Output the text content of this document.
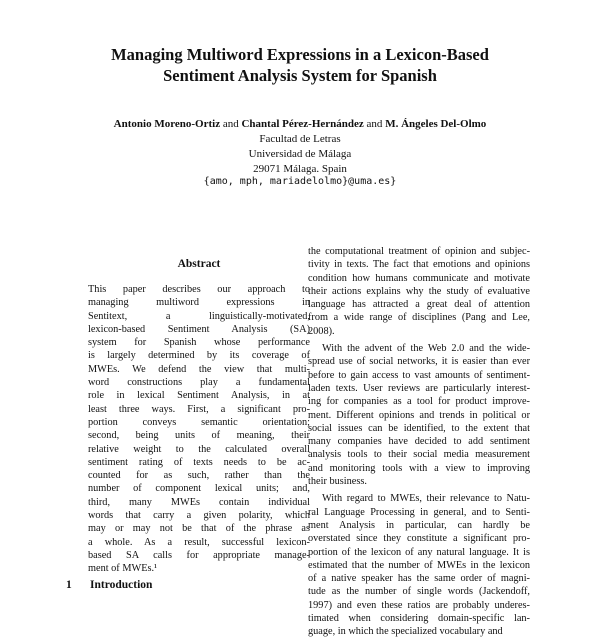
Managing Multiword Expressions in a Lexicon-Based
Sentiment Analysis System for Spanish
Antonio Moreno-Ortiz and Chantal Pérez-Hernández and M. Ángeles Del-Olmo
Facultad de Letras
Universidad de Málaga
29071 Málaga. Spain
{amo, mph, mariadelolmo}@uma.es}
Abstract
This paper describes our approach to
managing multiword expressions in
Sentitext, a linguistically-motivated,
lexicon-based Sentiment Analysis (SA)
system for Spanish whose performance
is largely determined by its coverage of
MWEs. We defend the view that multi-
word constructions play a fundamental
role in lexical Sentiment Analysis, in at
least three ways. First, a significant pro-
portion conveys semantic orientation;
second, being units of meaning, their
relative weight to the calculated overall
sentiment rating of texts needs to be ac-
counted for as such, rather than the
number of component lexical units; and,
third, many MWEs contain individual
words that carry a given polarity, which
may or may not be that of the phrase as
a whole. As a result, successful lexicon-
based SA calls for appropriate manage-
ment of MWEs.¹
1 Introduction
the computational treatment of opinion and subjec-
tivity in texts. The fact that emotions and opinions
condition how humans communicate and motivate
their actions explains why the study of evaluative
language has attracted a great deal of attention
from a wide range of disciplines (Pang and Lee,
2008).
With the advent of the Web 2.0 and the wide-
spread use of social networks, it is easier than ever
before to gain access to vast amounts of sentiment-
laden texts. User reviews are particularly interest-
ing for companies as a tool for product improve-
ment. Different opinions and trends in political or
social issues can be identified, to the extent that
many companies have decided to add sentiment
analysis tools to their social media measurement
and monitoring tools with a view to improving
their business.
With regard to MWEs, their relevance to Natu-
ral Language Processing in general, and to Senti-
ment Analysis in particular, can hardly be
overstated since they constitute a significant pro-
portion of the lexicon of any natural language. It is
estimated that the number of MWEs in the lexicon
of a native speaker has the same order of magni-
tude as the number of single words (Jackendoff,
1997) and even these ratios are probably underes-
timated when considering domain-specific lan-
guage, in which the specialized vocabulary and
